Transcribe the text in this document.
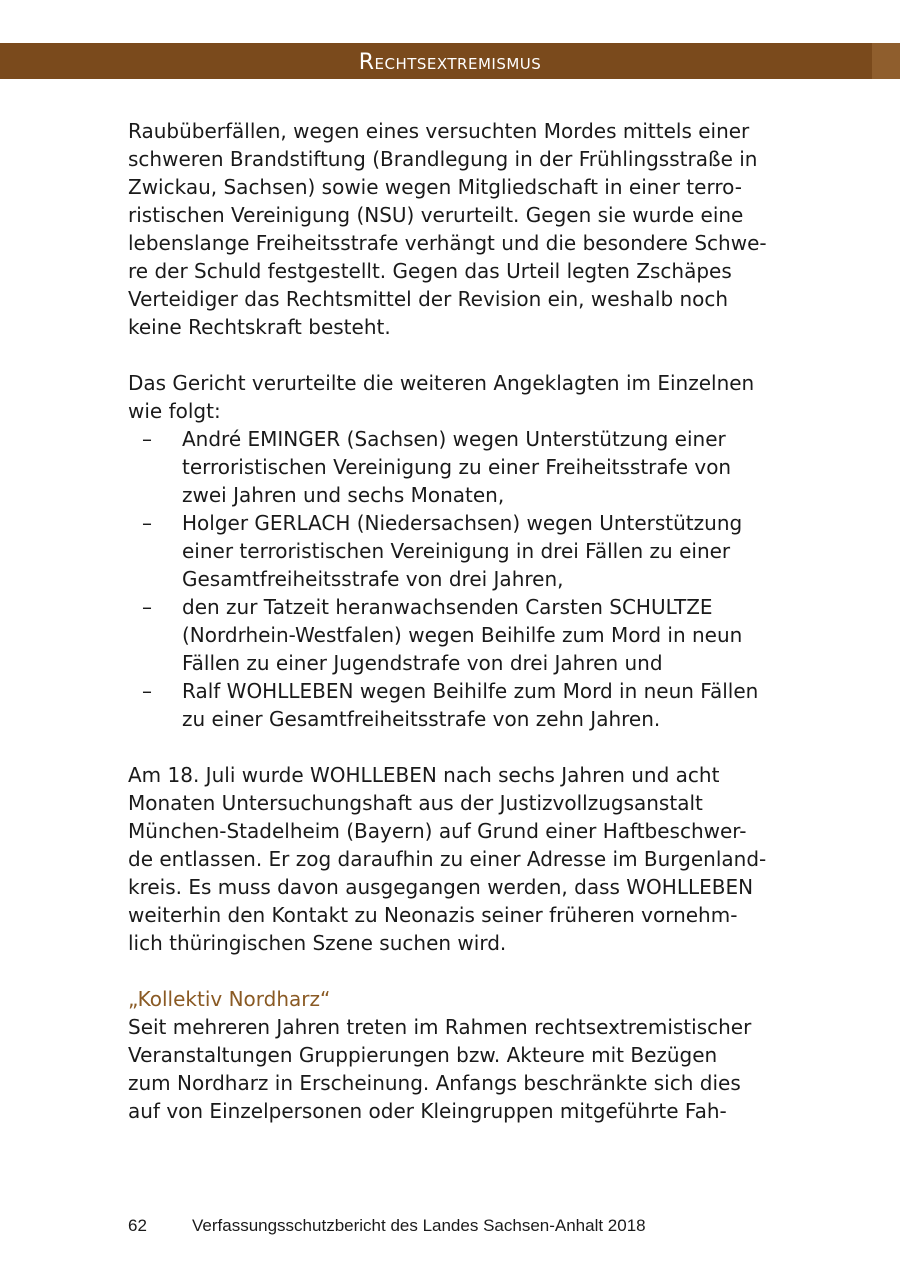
Rechtsextremismus

Raubüberfällen, wegen eines versuchten Mordes mittels einer

schweren Brandstiftung (Brandlegung in der Frühlingsstraße in

Zwickau, Sachsen) sowie wegen Mitgliedschaft in einer terro-

ristischen Vereinigung (NSU) verurteilt. Gegen sie wurde eine

lebenslange Freiheitsstrafe verhängt und die besondere Schwe-

re der Schuld festgestellt. Gegen das Urteil legten Zschäpes

Verteidiger das Rechtsmittel der Revision ein, weshalb noch

keine Rechtskraft besteht.

Das Gericht verurteilte die weiteren Angeklagten im Einzelnen

wie folgt:

– André EMINGER (Sachsen) wegen Unterstützung einer

terroristischen Vereinigung zu einer Freiheitsstrafe von

zwei Jahren und sechs Monaten,

– Holger GERLACH (Niedersachsen) wegen Unterstützung

einer terroristischen Vereinigung in drei Fällen zu einer

Gesamtfreiheitsstrafe von drei Jahren,

– den zur Tatzeit heranwachsenden Carsten SCHULTZE

(Nordrhein-Westfalen) wegen Beihilfe zum Mord in neun

Fällen zu einer Jugendstrafe von drei Jahren und

– Ralf WOHLLEBEN wegen Beihilfe zum Mord in neun Fällen

zu einer Gesamtfreiheitsstrafe von zehn Jahren.

Am 18. Juli wurde WOHLLEBEN nach sechs Jahren und acht

Monaten Untersuchungshaft aus der Justizvollzugsanstalt

München-Stadelheim (Bayern) auf Grund einer Haftbeschwer-

de entlassen. Er zog daraufhin zu einer Adresse im Burgenland-

kreis. Es muss davon ausgegangen werden, dass WOHLLEBEN

weiterhin den Kontakt zu Neonazis seiner früheren vornehm-

lich thüringischen Szene suchen wird.

„Kollektiv Nordharz“

Seit mehreren Jahren treten im Rahmen rechtsextremistischer

Veranstaltungen Gruppierungen bzw. Akteure mit Bezügen

zum Nordharz in Erscheinung. Anfangs beschränkte sich dies

auf von Einzelpersonen oder Kleingruppen mitgeführte Fah-

62	Verfassungsschutzbericht des Landes Sachsen-Anhalt 2018
